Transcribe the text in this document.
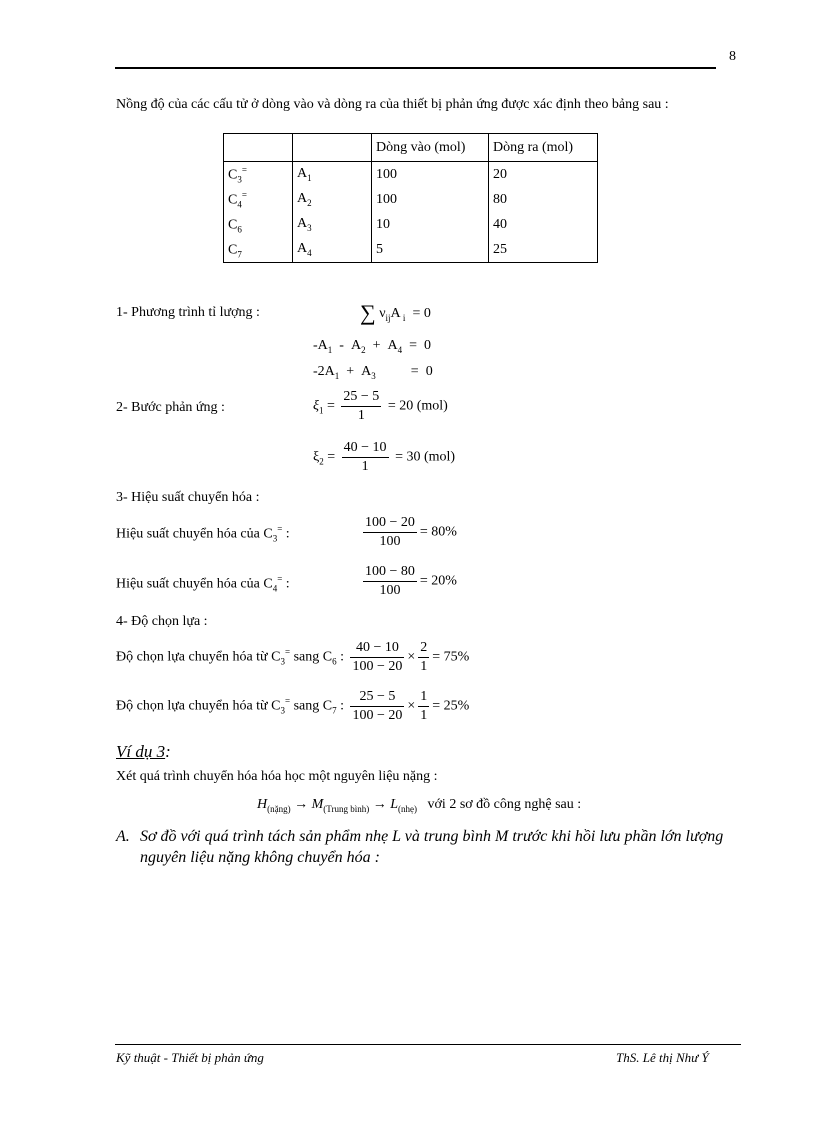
8
Nồng độ của các cấu tử ở dòng vào và dòng ra của thiết bị phản ứng được xác định theo bảng sau :
		Dòng vào (mol)	Dòng ra (mol)
$C_3^=$	$A_1$	100	20
$C_4^=$	$A_2$	100	80
$C_6$	$A_3$	10	40
$C_7$	$A_4$	5	25
1- Phương trình tỉ lượng :	∑ $\nu_{ij}A$ $_i$ = 0
$-A_1 - A_2 + A_4 = 0$
$-2A_1 + A_3$          =  0
2- Bước phản ứng :	$\xi_1 = \frac{25 - 5}{1} = 20$ (mol)
$\xi_2 = \frac{40 - 10}{1} = 30$ (mol)
3- Hiệu suất chuyển hóa :
Hiệu suất chuyển hóa của $C_3^=$ :	$\frac{100 - 20}{100} = 80\%$
Hiệu suất chuyển hóa của $C_4^=$ :	$\frac{100 - 80}{100} = 20\%$
4- Độ chọn lựa :
Độ chọn lựa chuyển hóa từ $C_3^=$ sang $C_6$ : $\frac{40 - 10}{100 - 20} \times \frac{2}{1} = 75\%$
Độ chọn lựa chuyển hóa từ $C_3^=$ sang $C_7$ : $\frac{25 - 5}{100 - 20} \times \frac{1}{1} = 25\%$
Ví dụ 3:
Xét quá trình chuyển hóa hóa học một nguyên liệu nặng :
$H_{(nặng)} \to M_{(Trung bình)} \to L_{(nhẹ)}$ với 2 sơ đồ công nghệ sau :
A. Sơ đồ với quá trình tách sản phẩm nhẹ L và trung bình M trước khi hồi lưu phần lớn lượng nguyên liệu nặng không chuyển hóa :
Kỹ thuật - Thiết bị phản ứng	ThS. Lê thị Như Ý
